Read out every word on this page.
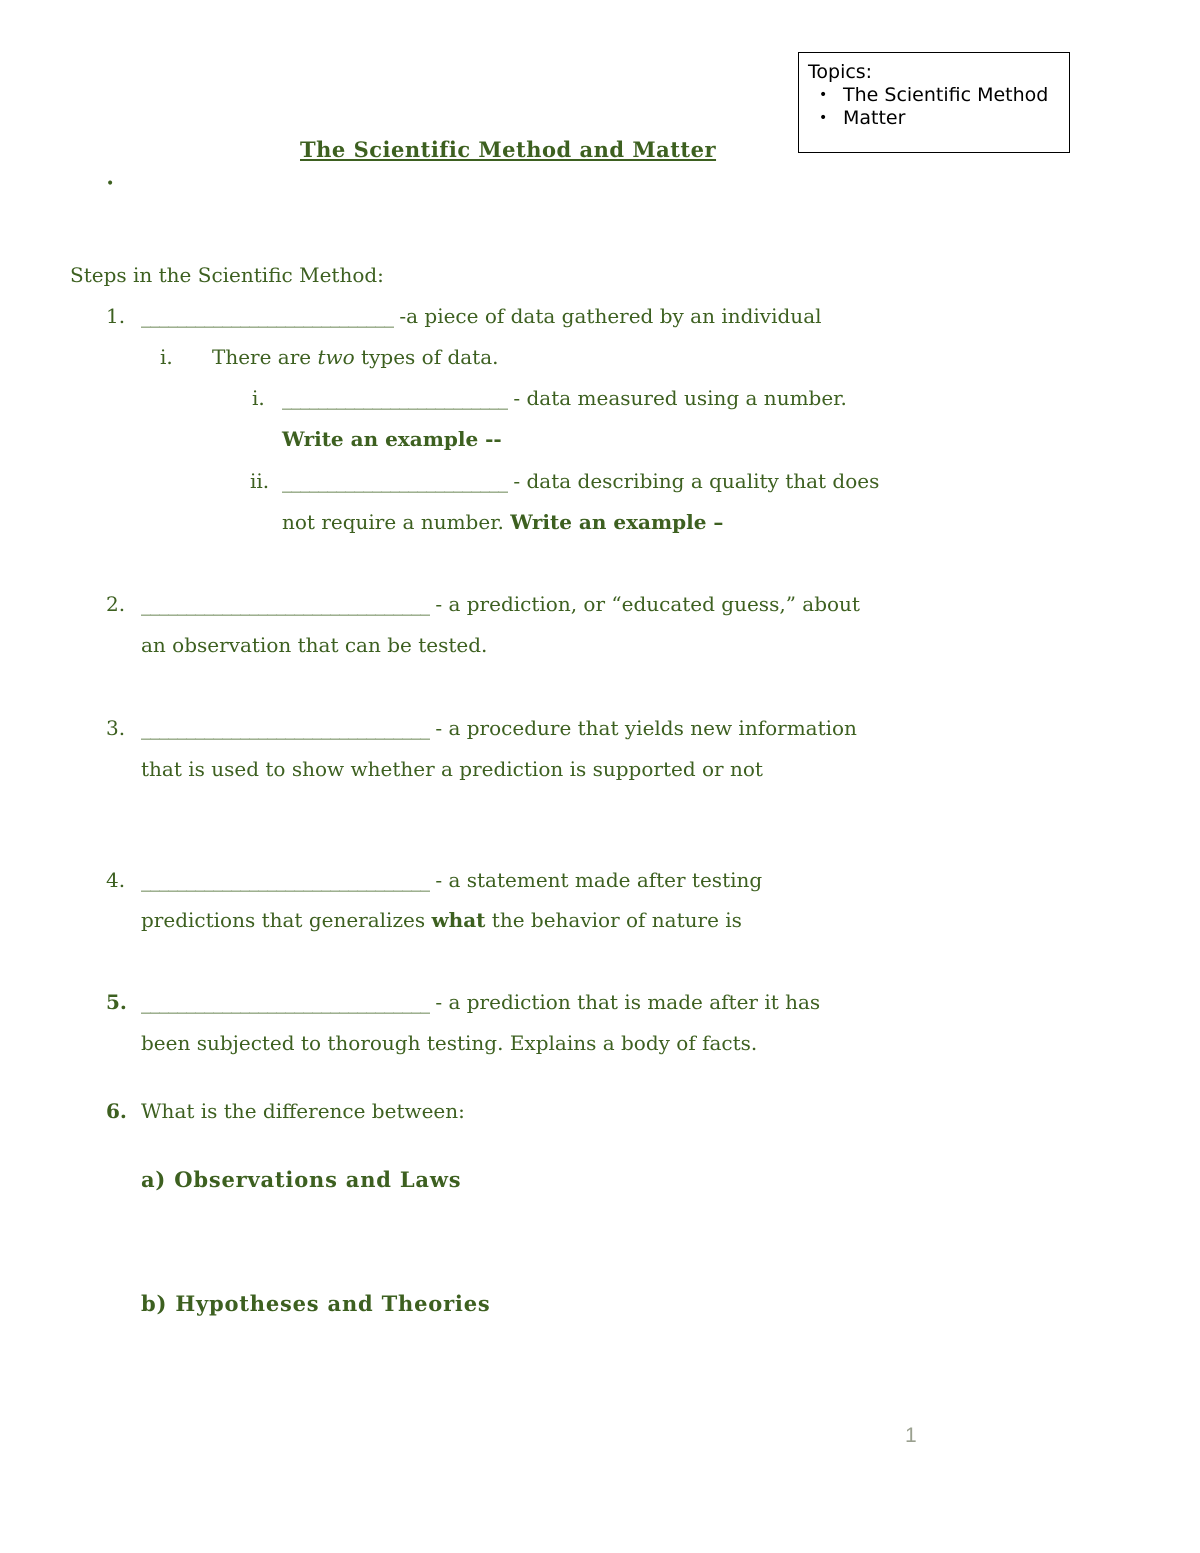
Topics:
• The Scientific Method
• Matter
The Scientific Method and Matter
•
Steps in the Scientific Method:
1. ____________________________ -a piece of data gathered by an individual
i. There are two types of data.
i. _________________________ - data measured using a number.
Write an example --
ii. _________________________ - data describing a quality that does
not require a number. Write an example –
2. ________________________________ - a prediction, or “educated guess,” about
an observation that can be tested.
3. ________________________________ - a procedure that yields new information
that is used to show whether a prediction is supported or not
4. ________________________________ - a statement made after testing
predictions that generalizes what the behavior of nature is
5. ________________________________ - a prediction that is made after it has
been subjected to thorough testing. Explains a body of facts.
6. What is the difference between:
a) Observations and Laws
b) Hypotheses and Theories
1
